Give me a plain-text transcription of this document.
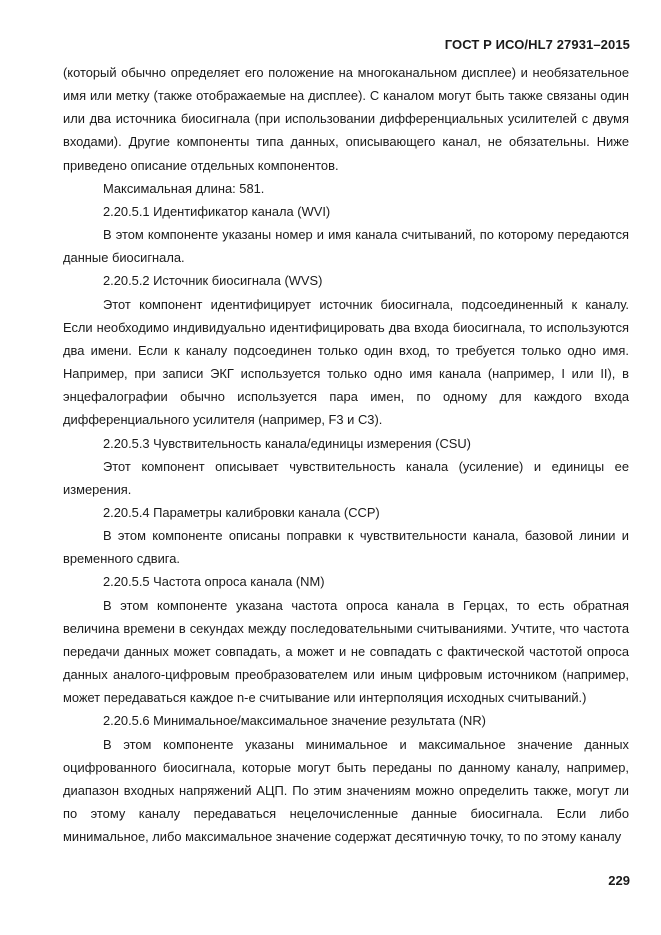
ГОСТ Р ИСО/HL7 27931–2015

(который обычно определяет его положение на многоканальном дисплее) и необязательное имя или метку (также отображаемые на дисплее). С каналом могут быть также связаны один или два источника биосигнала (при использовании дифференциальных усилителей с двумя входами). Другие компоненты типа данных, описывающего канал, не обязательны. Ниже приведено описание отдельных компонентов.

Максимальная длина: 581.

2.20.5.1 Идентификатор канала (WVI)

В этом компоненте указаны номер и имя канала считываний, по которому передаются данные биосигнала.

2.20.5.2 Источник биосигнала (WVS)

Этот компонент идентифицирует источник биосигнала, подсоединенный к каналу. Если необходимо индивидуально идентифицировать два входа биосигнала, то используются два имени. Если к каналу подсоединен только один вход, то требуется только одно имя. Например, при записи ЭКГ используется только одно имя канала (например, I или II), в энцефалографии обычно используется пара имен, по одному для каждого входа дифференциального усилителя (например, F3 и C3).

2.20.5.3 Чувствительность канала/единицы измерения (CSU)

Этот компонент описывает чувствительность канала (усиление) и единицы ее измерения.

2.20.5.4 Параметры калибровки канала (CCP)

В этом компоненте описаны поправки к чувствительности канала, базовой линии и временного сдвига.

2.20.5.5 Частота опроса канала (NM)

В этом компоненте указана частота опроса канала в Герцах, то есть обратная величина времени в секундах между последовательными считываниями. Учтите, что частота передачи данных может совпадать, а может и не совпадать с фактической частотой опроса данных аналого-цифровым преобразователем или иным цифровым источником (например, может передаваться каждое n-е считывание или интерполяция исходных считываний.)

2.20.5.6 Минимальное/максимальное значение результата (NR)

В этом компоненте указаны минимальное и максимальное значение данных оцифрованного биосигнала, которые могут быть переданы по данному каналу, например, диапазон входных напряжений АЦП. По этим значениям можно определить также, могут ли по этому каналу передаваться нецелочисленные данные биосигнала. Если либо минимальное, либо максимальное значение содержат десятичную точку, то по этому каналу

229
